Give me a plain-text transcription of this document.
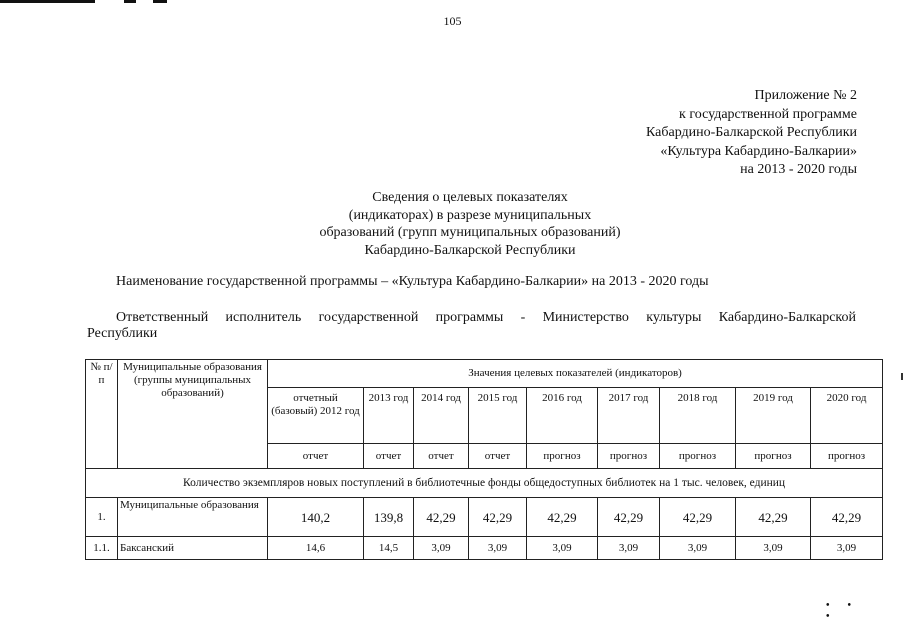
105
Приложение № 2
к государственной программе
Кабардино-Балкарской Республики
«Культура Кабардино-Балкарии»
на 2013 - 2020 годы
Сведения о целевых показателях
(индикаторах) в разрезе муниципальных
образований (групп муниципальных образований)
Кабардино-Балкарской Республики
Наименование государственной программы – «Культура Кабардино-Балкарии» на 2013 - 2020 годы
Ответственный исполнитель государственной программы - Министерство культуры Кабардино-Балкарской
Республики
•• •
№ п/п	Муниципальные образования (группы муниципальных образований)	Значения целевых показателей (индикаторов)								
		отчетный (базовый) 2012 год	2013 год	2014 год	2015 год	2016 год	2017 год	2018 год	2019 год	2020 год
		отчет	отчет	отчет	отчет	прогноз	прогноз	прогноз	прогноз	прогноз
Количество экземпляров новых поступлений в библиотечные фонды общедоступных библиотек на 1 тыс. человек, единиц										
1.	Муниципальные образования	140,2	139,8	42,29	42,29	42,29	42,29	42,29	42,29	42,29
1.1.	Баксанский	14,6	14,5	3,09	3,09	3,09	3,09	3,09	3,09	3,09
